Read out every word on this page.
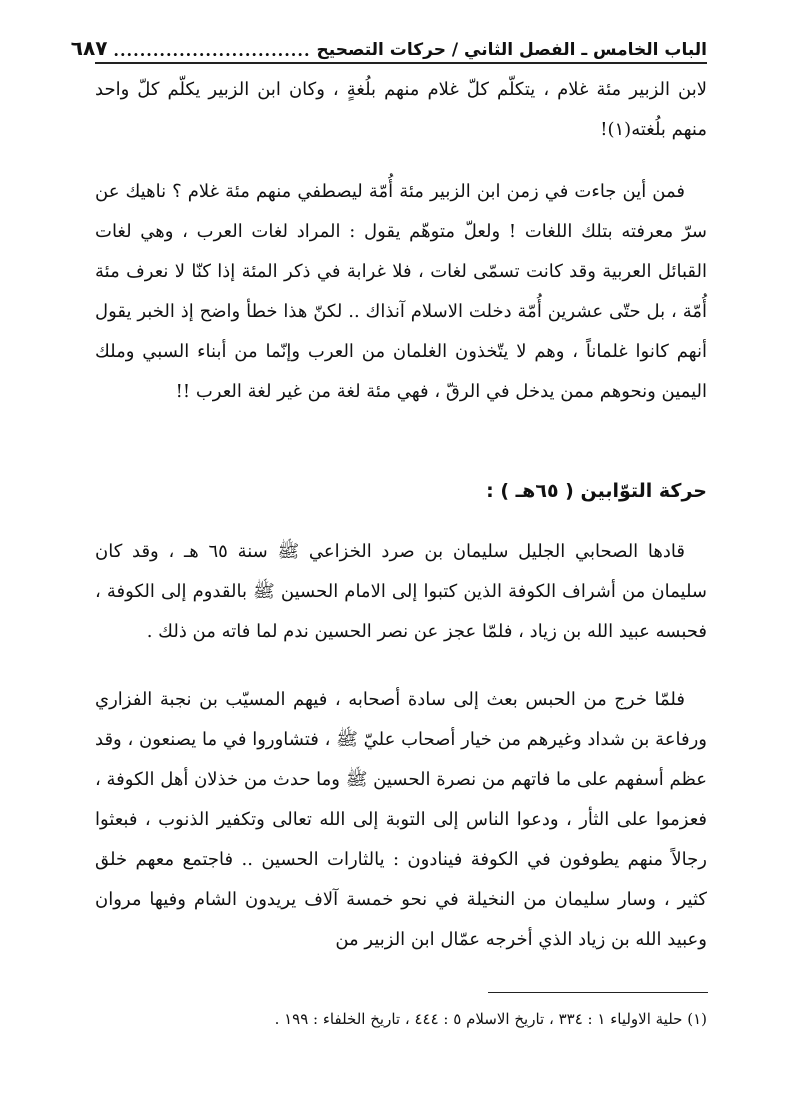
الباب الخامس ـ الفصل الثاني / حركات التصحيح
..............................
٦٨٧

لابن الزبير مئة غلام ، يتكلّم كلّ غلام منهم بلُغةٍ ، وكان ابن الزبير يكلّم كلّ واحد منهم بلُغته(١)!

فمن أين جاءت في زمن ابن الزبير مئة أُمّة ليصطفي منهم مئة غلام ؟ ناهيك عن سرّ معرفته بتلك اللغات ! ولعلّ متوهّم يقول : المراد لغات العرب ، وهي لغات القبائل العربية وقد كانت تسمّى لغات ، فلا غرابة في ذكر المئة إذا كنّا لا نعرف مئة أُمّة ، بل حتّى عشرين أُمّة دخلت الاسلام آنذاك .. لكنّ هذا خطأ واضح إذ الخبر يقول أنهم كانوا غلماناً ، وهم لا يتّخذون الغلمان من العرب وإنّما من أبناء السبي وملك اليمين ونحوهم ممن يدخل في الرقّ ، فهي مئة لغة من غير لغة العرب !!

حركة التوّابين ( ٦٥هـ ) :

قادها الصحابي الجليل سليمان بن صرد الخزاعي ﷺ سنة ٦٥ هـ ، وقد كان سليمان من أشراف الكوفة الذين كتبوا إلى الامام الحسين ﷺ بالقدوم إلى الكوفة ، فحبسه عبيد الله بن زياد ، فلمّا عجز عن نصر الحسين ندم لما فاته من ذلك .

فلمّا خرج من الحبس بعث إلى سادة أصحابه ، فيهم المسيّب بن نجبة الفزاري ورفاعة بن شداد وغيرهم من خيار أصحاب عليّ ﷺ ، فتشاوروا في ما يصنعون ، وقد عظم أسفهم على ما فاتهم من نصرة الحسين ﷺ وما حدث من خذلان أهل الكوفة ، فعزموا على الثأر ، ودعوا الناس إلى التوبة إلى الله تعالى وتكفير الذنوب ، فبعثوا رجالاً منهم يطوفون في الكوفة فينادون : يالثارات الحسين .. فاجتمع معهم خلق كثير ، وسار سليمان من النخيلة في نحو خمسة آلاف يريدون الشام وفيها مروان وعبيد الله بن زياد الذي أخرجه عمّال ابن الزبير من

(١) حلية الاولياء ١ : ٣٣٤ ، تاريخ الاسلام ٥ : ٤٤٤ ، تاريخ الخلفاء : ١٩٩ .
